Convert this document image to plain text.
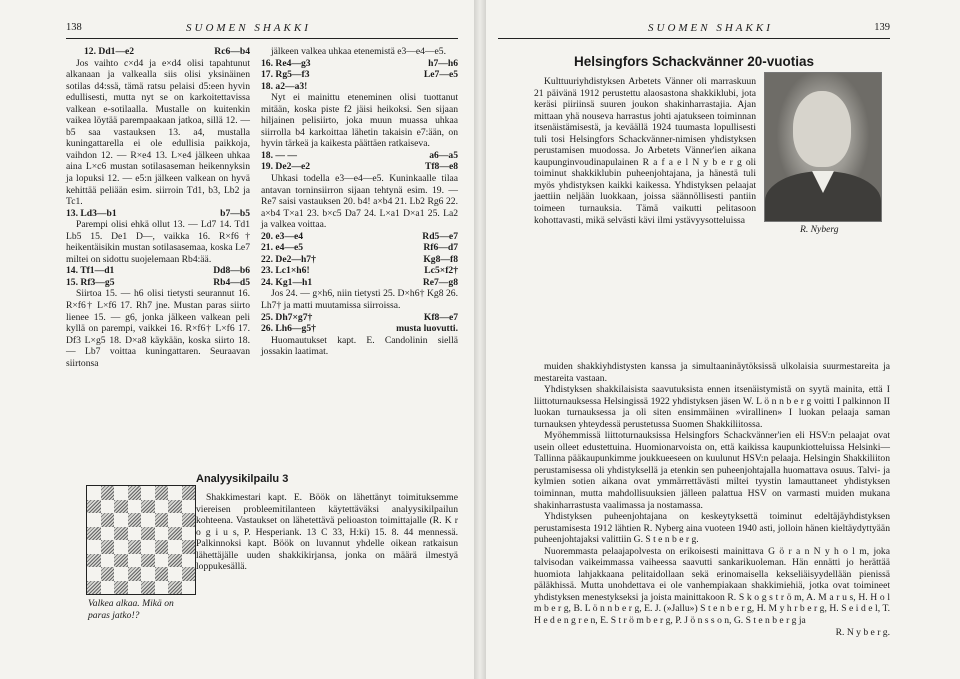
138	SUOMEN SHAKKI
12. Dd1—e2	Rc6—b4

Jos vaihto c×d4 ja e×d4 olisi tapahtunut alkanaan ja valkealla siis olisi yksinäinen sotilas d4:ssä, tämä ratsu pelaisi d5:een hyvin edullisesti, mutta nyt se on karkoitettavissa valkean e-sotilaalla. Mustalle on kuitenkin vaikea löytää parempaakaan jatkoa, sillä 12. — b5 saa vastauksen 13. a4, mustalla kuningattarella ei ole edullisia paikkoja, vaihdon 12. — R×e4 13. L×e4 jälkeen uhkaa aina L×c6 mustan sotilasaseman heikennyksin ja lopuksi 12. — e5:n jälkeen valkean on hyvä kehittää peliään esim. siirroin Td1, b3, Lb2 ja Tc1.

13. Ld3—b1	b7—b5

Parempi olisi ehkä ollut 13. — Ld7 14. Td1 Lb5 15. De1 D—, vaikka 16. R×f6† heikentäisikin mustan sotilasasemaa, koska Le7 miltei on sidottu suojelemaan Rb4:ää.

14. Tf1—d1	Dd8—b6
15. Rf3—g5	Rb4—d5

Siirtoa 15. — h6 olisi tietysti seurannut 16. R×f6† L×f6 17. Rh7 jne. Mustan paras siirto lienee 15. — g6, jonka jälkeen valkean peli kyllä on parempi, vaikkei 16. R×f6† L×f6 17. Df3 L×g5 18. D×a8 käykään, koska siirto 18. — Lb7 voittaa kuningattaren. Seuraavan siirtonsa

jälkeen valkea uhkaa etenemistä e3—e4—e5.

16. Re4—g3	h7—h6
17. Rg5—f3	Le7—e5
18. a2—a3!

Nyt ei mainittu eteneminen olisi tuottanut mitään, koska piste f2 jäisi heikoksi. Sen sijaan hiljainen pelisiirto, joka muun muassa uhkaa siirrolla b4 karkoittaa lähetin takaisin e7:ään, on hyvin tärkeä ja kaikesta päättäen ratkaiseva.

18. — —	a6—a5
19. De2—e2	Tf8—e8

Uhkasi todella e3—e4—e5. Kuninkaalle tilaa antavan torninsiirron sijaan tehtynä esim. 19. — Re7 saisi vastauksen 20. b4! a×b4 21. Lb2 Rg6 22. a×b4 T×a1 23. b×c5 Da7 24. L×a1 D×a1 25. La2 ja valkea voittaa.

20. e3—e4	Rd5—e7
21. e4—e5	Rf6—d7
22. De2—h7†	Kg8—f8
23. Lc1×h6!	Lc5×f2†
24. Kg1—h1	Re7—g8

Jos 24. — g×h6, niin tietysti 25. D×h6† Kg8 26. Lh7† ja matti muutamissa siirroissa.

25. Dh7×g7†	Kf8—e7
26. Lh6—g5†	musta luovutti.

Huomautukset kapt. E. Candolinin siellä jossakin laatimat.

Valkea alkaa. Mikä on paras jatko!?
Analyysikilpailu 3

Shakkimestari kapt. E. Böök on lähettänyt toimituksemme viereisen probleemitilanteen käytettäväksi analyysikilpailun kohteena. Vastaukset on lähetettävä pelioaston toimittajalle (R. K r o g i u s, P. Hesperiank. 13 C 33, H:ki) 15. 8. 44 mennessä. Palkinnoksi kapt. Böök on luvannut yhdelle oikean ratkaisun lähettäjälle uuden shakkikirjansa, jonka on määrä ilmestyä loppukesällä.

SUOMEN SHAKKI	139
Helsingfors Schackvänner 20-vuotias

Kulttuuriyhdistyksen Arbetets Vänner oli marraskuun 21 päivänä 1912 perustettu alaosastona shakkiklubi, jota keräsi piiriinsä suuren joukon shakinharrastajia. Ajan mittaan yhä nouseva harrastus johti ajatukseen toiminnan itsenäistämisestä, ja keväällä 1924 tuumasta lopullisesti tuli tosi Helsingfors Schackvänner-nimisen yhdistyksen perustamisen muodossa. Jo Arbetets Vänner'ien aikana kaupunginvoudinapulainen R a f a e l N y b e r g oli toiminut shakkiklubin puheenjohtajana, ja hänestä tuli myös yhdistyksen kaikki kaikessa. Yhdistyksen pelaajat jaettiin neljään luokkaan, joissa säännöllisesti pantiin toimeen turnauksia. Tämä vaikutti pelitasoon kohottavasti, mikä selvästi kävi ilmi ystävyysotteluissa

R. Nyberg

muiden shakkiyhdistysten kanssa ja simultaaninäytöksissä ulkolaisia suurmestareita ja mestareita vastaan.

Yhdistyksen shakkilaisista saavutuksista ennen itsenäistymistä on syytä mainita, että I liittoturnauksessa Helsingissä 1922 yhdistyksen jäsen W. L ö n n b e r g voitti I palkinnon II luokan turnauksessa ja oli siten ensimmäinen »virallinen» I luokan pelaaja saman turnauksen yhteydessä perustetussa Suomen Shakkiliitossa.

Myöhemmissä liittoturnauksissa Helsingfors Schackvänner'ien eli HSV:n pelaajat ovat usein olleet edustettuina. Huomionarvoista on, että kaikissa kaupunkiotteluissa Helsinki—Tallinna pääkaupunkimme joukkueeseen on kuulunut HSV:n pelaaja. Helsingin Shakkiliiton perustamisessa oli yhdistyksellä ja etenkin sen puheenjohtajalla huomattava osuus. Talvi- ja kylmien sotien aikana ovat ymmärrettävästi miltei tyystin lamauttaneet yhdistyksen toiminnan, mutta mahdollisuuksien jälleen palattua HSV on varmasti muiden mukana shakinharrastusta vaalimassa ja nostamassa.

Yhdistyksen puheenjohtajana on keskeytyksettä toiminut edeltäjäyhdistyksen perustamisesta 1912 lähtien R. Nyberg aina vuoteen 1940 asti, jolloin hänen kieltäydyttyään puheenjohtajaksi valittiin G. S t e n b e r g.

Nuoremmasta pelaajapolvesta on erikoisesti mainittava G ö r a n N y h o l m, joka talvisodan vaikeimmassa vaiheessa saavutti sankarikuoleman. Hän ennätti jo herättää huomiota lahjakkaana pelitaidollaan sekä erinomaisella kekseliäisyydellään pienissä päläkhissä. Mutta unohdettava ei ole vanhempiakaan shakkimiehiä, jotka ovat toimineet yhdistyksen menestykseksi ja joista mainittakoon R. S k o g s t r ö m, A. M a r u s, H. H o l m b e r g, B. L ö n n b e r g, E. J. (»Jallu») S t e n b e r g, H. M y h r b e r g, H. S e i d e l, T. H e d e n g r e n, E. S t r ö m b e r g, P. J ö n s s o n, G. S t e n b e r g ja

R. N y b e r g.
